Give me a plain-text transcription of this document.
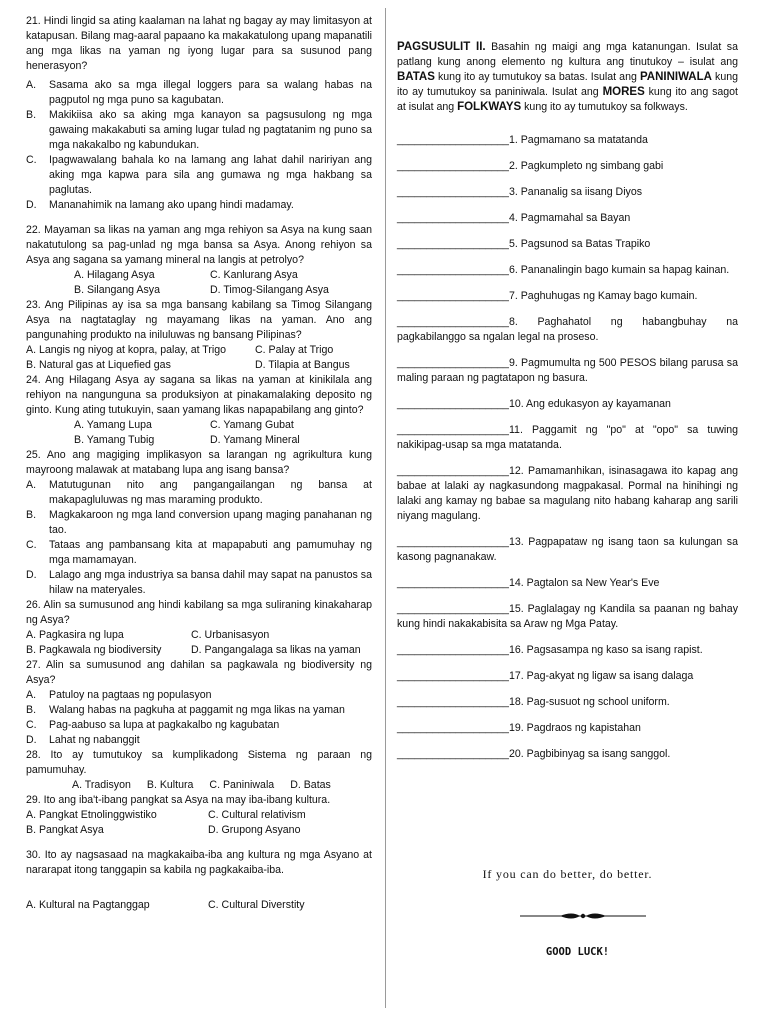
21. Hindi lingid sa ating kaalaman na lahat ng bagay ay may limitasyon at katapusan. Bilang mag-aaral papaano ka makakatulong upang mapanatili ang mga likas na yaman ng iyong lugar para sa susunod pang henerasyon?

A.	Sasama ako sa mga illegal loggers para sa walang habas na pagputol ng mga puno sa kagubatan.
B.	Makikiisa ako sa aking mga kanayon sa pagsusulong ng mga gawaing makakabuti sa aming lugar tulad ng pagtatanim ng puno sa mga nakakalbo ng kabundukan.
C.	Ipagwawalang bahala ko na lamang ang lahat dahil naririyan ang aking mga kapwa para sila ang gumawa ng mga hakbang sa paglutas.
D.	Mananahimik na lamang ako upang hindi madamay.

22. Mayaman sa likas na yaman ang mga rehiyon sa Asya na kung saan nakatutulong sa pag-unlad ng mga bansa sa Asya. Anong rehiyon sa Asya ang sagana sa yamang mineral na langis at petrolyo?

A. Hilagang Asya	C. Kanlurang Asya
B. Silangang Asya	D. Timog-Silangang Asya

23. Ang Pilipinas ay isa sa mga bansang kabilang sa Timog Silangang Asya na nagtataglay ng mayamang likas na yaman. Ano ang pangunahing produkto na iniluluwas ng bansang Pilipinas?

A. Langis ng niyog at kopra, palay, at Trigo	C. Palay at Trigo
B. Natural gas at Liquefied gas	D. Tilapia at Bangus

24. Ang Hilagang Asya ay sagana sa likas na yaman at kinikilala ang rehiyon na nangunguna sa produksiyon at pinakamalaking deposito ng ginto. Kung ating tutukuyin, saan yamang likas napapabilang ang ginto?

A. Yamang Lupa	C. Yamang Gubat
B. Yamang Tubig	D. Yamang Mineral

25. Ano ang magiging implikasyon sa larangan ng agrikultura kung mayroong malawak at matabang lupa ang isang bansa?

A.	Matutugunan nito ang pangangailangan ng bansa at makapagluluwas ng mas maraming produkto.
B.	Magkakaroon ng mga land conversion upang maging panahanan ng tao.
C.	Tataas ang pambansang kita at mapapabuti ang pamumuhay ng mga mamamayan.
D.	Lalago ang mga industriya sa bansa dahil may sapat na panustos sa hilaw na materyales.

26. Alin sa sumusunod ang hindi kabilang sa mga suliraning kinakaharap ng Asya?

A. Pagkasira ng lupa	C. Urbanisasyon
B. Pagkawala ng biodiversity	D. Pangangalaga sa likas na yaman

27. Alin sa sumusunod ang dahilan sa pagkawala ng biodiversity ng Asya?

A.	Patuloy na pagtaas ng populasyon
B.	Walang habas na pagkuha at paggamit ng mga likas na yaman
C.	Pag-aabuso sa lupa at pagkakalbo ng kagubatan
D.	Lahat ng nabanggit

28. Ito ay tumutukoy sa kumplikadong Sistema ng paraan ng pamumuhay.

A. Tradisyon B. Kultura C. Paniniwala D. Batas

29. Ito ang iba't-ibang pangkat sa Asya na may iba-ibang kultura.

A. Pangkat Etnolinggwistiko	C. Cultural relativism
B. Pangkat Asya	D. Grupong Asyano

30. Ito ay nagsasaad na magkakaiba-iba ang kultura ng mga Asyano at nararapat itong tanggapin sa kabila ng pagkakaiba-iba.

A. Kultural na Pagtanggap	C. Cultural Diverstity

PAGSUSULIT II. Basahin ng maigi ang mga katanungan. Isulat sa patlang kung anong elemento ng kultura ang tinutukoy – isulat ang BATAS kung ito ay tumutukoy sa batas. Isulat ang PANINIWALA kung ito ay tumutukoy sa paniniwala. Isulat ang MORES kung ito ang sagot at isulat ang FOLKWAYS kung ito ay tumutukoy sa folkways.

___________________1. Pagmamano sa matatanda

___________________2. Pagkumpleto ng simbang gabi

___________________3. Pananalig sa iisang Diyos

___________________4. Pagmamahal sa Bayan

___________________5. Pagsunod sa Batas Trapiko

___________________6. Pananalingin bago kumain sa hapag kainan.

___________________7. Paghuhugas ng Kamay bago kumain.

___________________8. Paghahatol ng habangbuhay na pagkabilanggo sa ngalan legal na proseso.

___________________9. Pagmumulta ng 500 PESOS bilang parusa sa maling paraan ng pagtatapon ng basura.

___________________10. Ang edukasyon ay kayamanan

___________________11. Paggamit ng "po" at "opo" sa tuwing nakikipag-usap sa mga matatanda.

___________________12. Pamamanhikan, isinasagawa ito kapag ang babae at lalaki ay nagkasundong magpakasal. Pormal na hinihingi ng lalaki ang kamay ng babae sa magulang nito habang kaharap ang sarili niyang magulang.

___________________13. Pagpapataw ng isang taon sa kulungan sa kasong pagnanakaw.

___________________14. Pagtalon sa New Year's Eve

___________________15. Paglalagay ng Kandila sa paanan ng bahay kung hindi nakakabisita sa Araw ng Mga Patay.

___________________16. Pagsasampa ng kaso sa isang rapist.

___________________17. Pag-akyat ng ligaw sa isang dalaga

___________________18. Pag-susuot ng school uniform.

___________________19. Pagdraos ng kapistahan

___________________20. Pagbibinyag sa isang sanggol.

If you can do better, do better.
GOOD LUCK!
